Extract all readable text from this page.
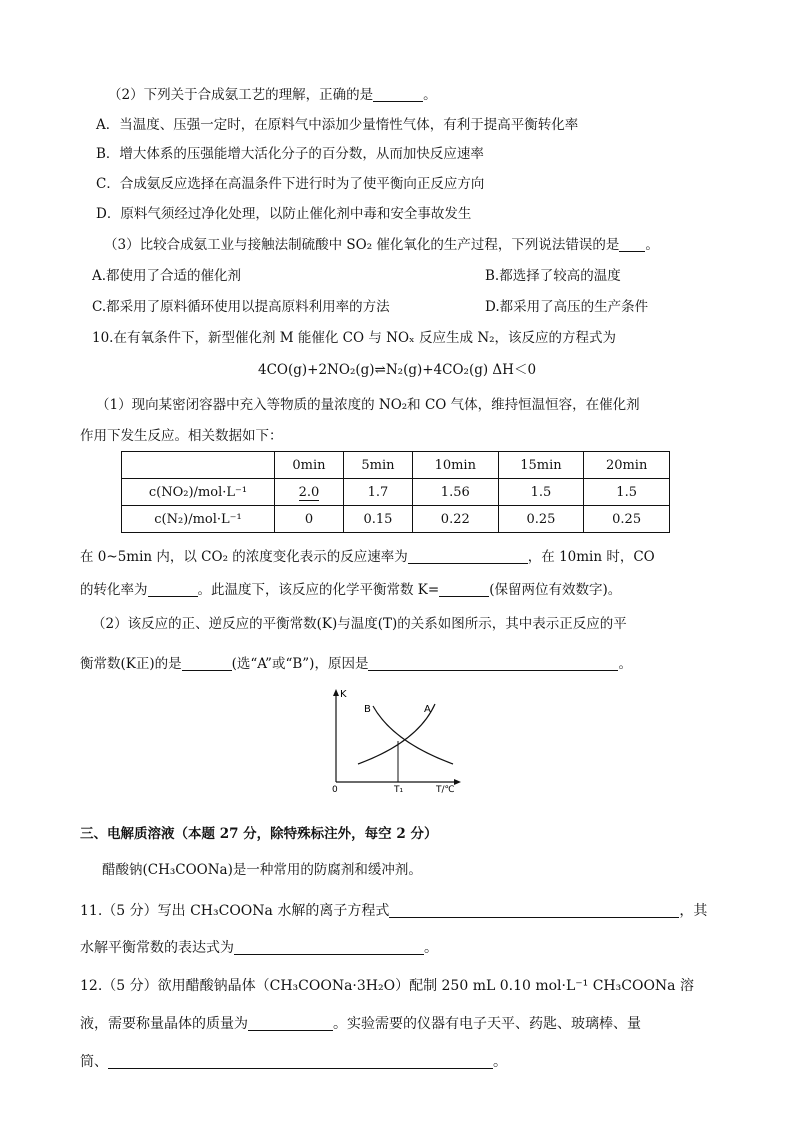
（2）下列关于合成氨工艺的理解，正确的是	。
A．当温度、压强一定时，在原料气中添加少量惰性气体，有利于提高平衡转化率
B．增大体系的压强能增大活化分子的百分数，从而加快反应速率
C．合成氨反应选择在高温条件下进行时为了使平衡向正反应方向
D．原料气须经过净化处理，以防止催化剂中毒和安全事故发生
（3）比较合成氨工业与接触法制硫酸中 SO₂ 催化氧化的生产过程，下列说法错误的是 。
A.都使用了合适的催化剂	B.都选择了较高的温度
C.都采用了原料循环使用以提高原料利用率的方法	D.都采用了高压的生产条件
10.在有氧条件下，新型催化剂 M 能催化 CO 与 NOₓ 反应生成 N₂，该反应的方程式为
4CO(g)+2NO₂(g)⇌N₂(g)+4CO₂(g) ΔH＜0
（1）现向某密闭容器中充入等物质的量浓度的 NO₂和 CO 气体，维持恒温恒容，在催化剂
作用下发生反应。相关数据如下：
	0min	5min	10min	15min	20min
c(NO₂)/mol·L⁻¹	2.0	1.7	1.56	1.5	1.5
c(N₂)/mol·L⁻¹	0	0.15	0.22	0.25	0.25
在 0~5min 内，以 CO₂ 的浓度变化表示的反应速率为	，在 10min 时，CO
的转化率为	。此温度下，该反应的化学平衡常数 K=	(保留两位有效数字)。
（2）该反应的正、逆反应的平衡常数(K)与温度(T)的关系如图所示，其中表示正反应的平
衡常数(K正)的是	(选“A”或“B”)，原因是	。
K
B	A
0	T₁	T/℃
三、电解质溶液（本题 27 分，除特殊标注外，每空 2 分）
醋酸钠(CH₃COONa)是一种常用的防腐剂和缓冲剂。
11.（5 分）写出 CH₃COONa 水解的离子方程式	，其
水解平衡常数的表达式为	。
12.（5 分）欲用醋酸钠晶体（CH₃COONa·3H₂O）配制 250 mL 0.10 mol·L⁻¹ CH₃COONa 溶
液，需要称量晶体的质量为	。实验需要的仪器有电子天平、药匙、玻璃棒、量
筒、	。
